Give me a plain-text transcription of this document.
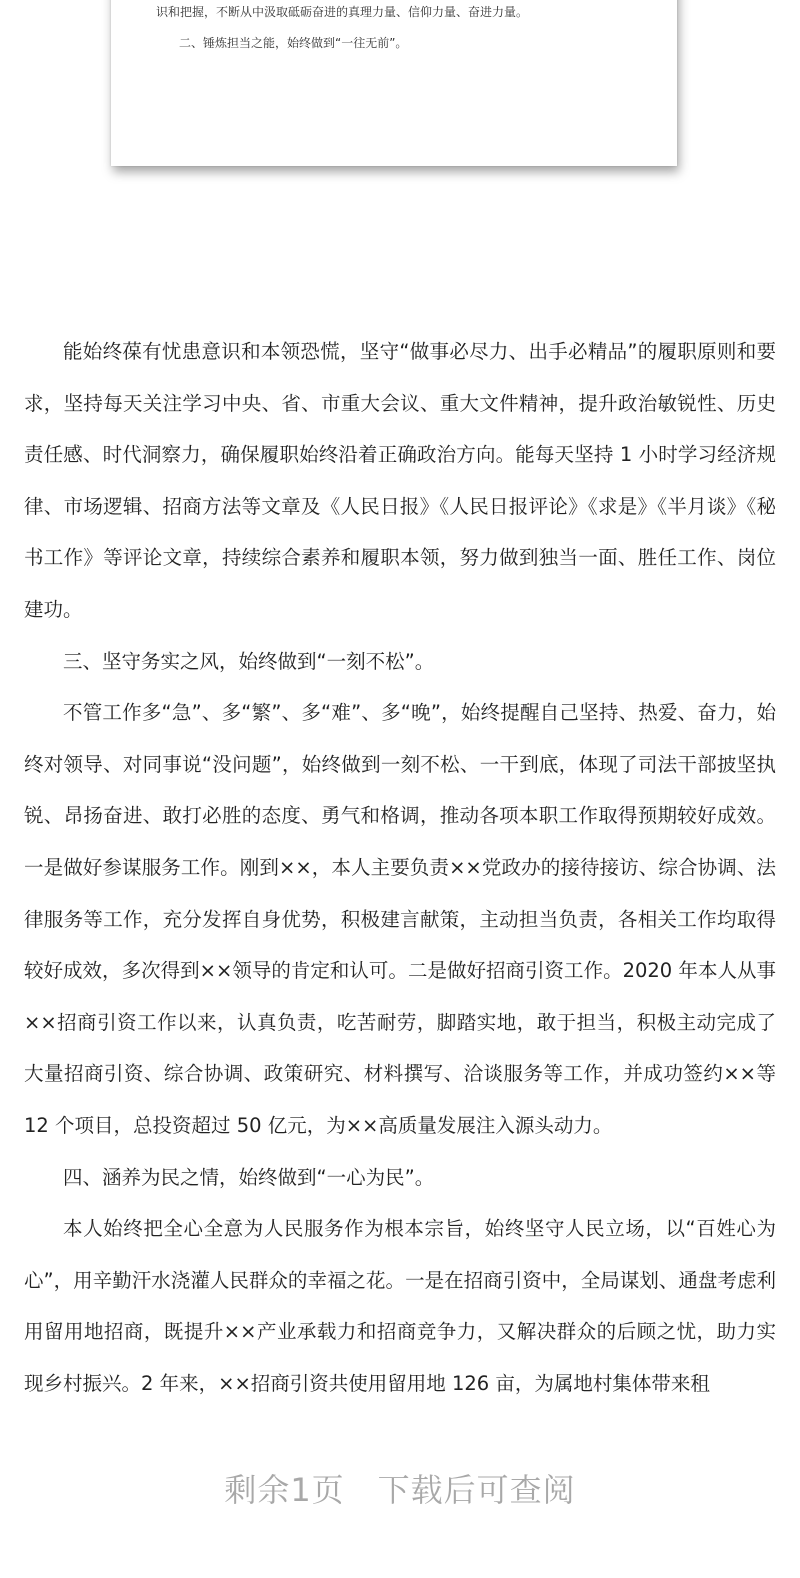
识和把握，不断从中汲取砥砺奋进的真理力量、信仰力量、奋进力量。
二、锤炼担当之能，始终做到“一往无前”。

能始终葆有忧患意识和本领恐慌，坚守“做事必尽力、出手必精品”的履职原则和要求，坚持每天关注学习中央、省、市重大会议、重大文件精神，提升政治敏锐性、历史责任感、时代洞察力，确保履职始终沿着正确政治方向。能每天坚持 1 小时学习经济规律、市场逻辑、招商方法等文章及《人民日报》《人民日报评论》《求是》《半月谈》《秘书工作》等评论文章，持续综合素养和履职本领，努力做到独当一面、胜任工作、岗位建功。

三、坚守务实之风，始终做到“一刻不松”。

不管工作多“急”、多“繁”、多“难”、多“晚”，始终提醒自己坚持、热爱、奋力，始终对领导、对同事说“没问题”，始终做到一刻不松、一干到底，体现了司法干部披坚执锐、昂扬奋进、敢打必胜的态度、勇气和格调，推动各项本职工作取得预期较好成效。一是做好参谋服务工作。刚到××，本人主要负责××党政办的接待接访、综合协调、法律服务等工作，充分发挥自身优势，积极建言献策，主动担当负责，各相关工作均取得较好成效，多次得到××领导的肯定和认可。二是做好招商引资工作。2020 年本人从事××招商引资工作以来，认真负责，吃苦耐劳，脚踏实地，敢于担当，积极主动完成了大量招商引资、综合协调、政策研究、材料撰写、洽谈服务等工作，并成功签约××等 12 个项目，总投资超过 50 亿元，为××高质量发展注入源头动力。

四、涵养为民之情，始终做到“一心为民”。

本人始终把全心全意为人民服务作为根本宗旨，始终坚守人民立场，以“百姓心为心”，用辛勤汗水浇灌人民群众的幸福之花。一是在招商引资中，全局谋划、通盘考虑利用留用地招商，既提升××产业承载力和招商竞争力，又解决群众的后顾之忧，助力实现乡村振兴。2 年来，××招商引资共使用留用地 126 亩，为属地村集体带来租

剩余1页　下载后可查阅
